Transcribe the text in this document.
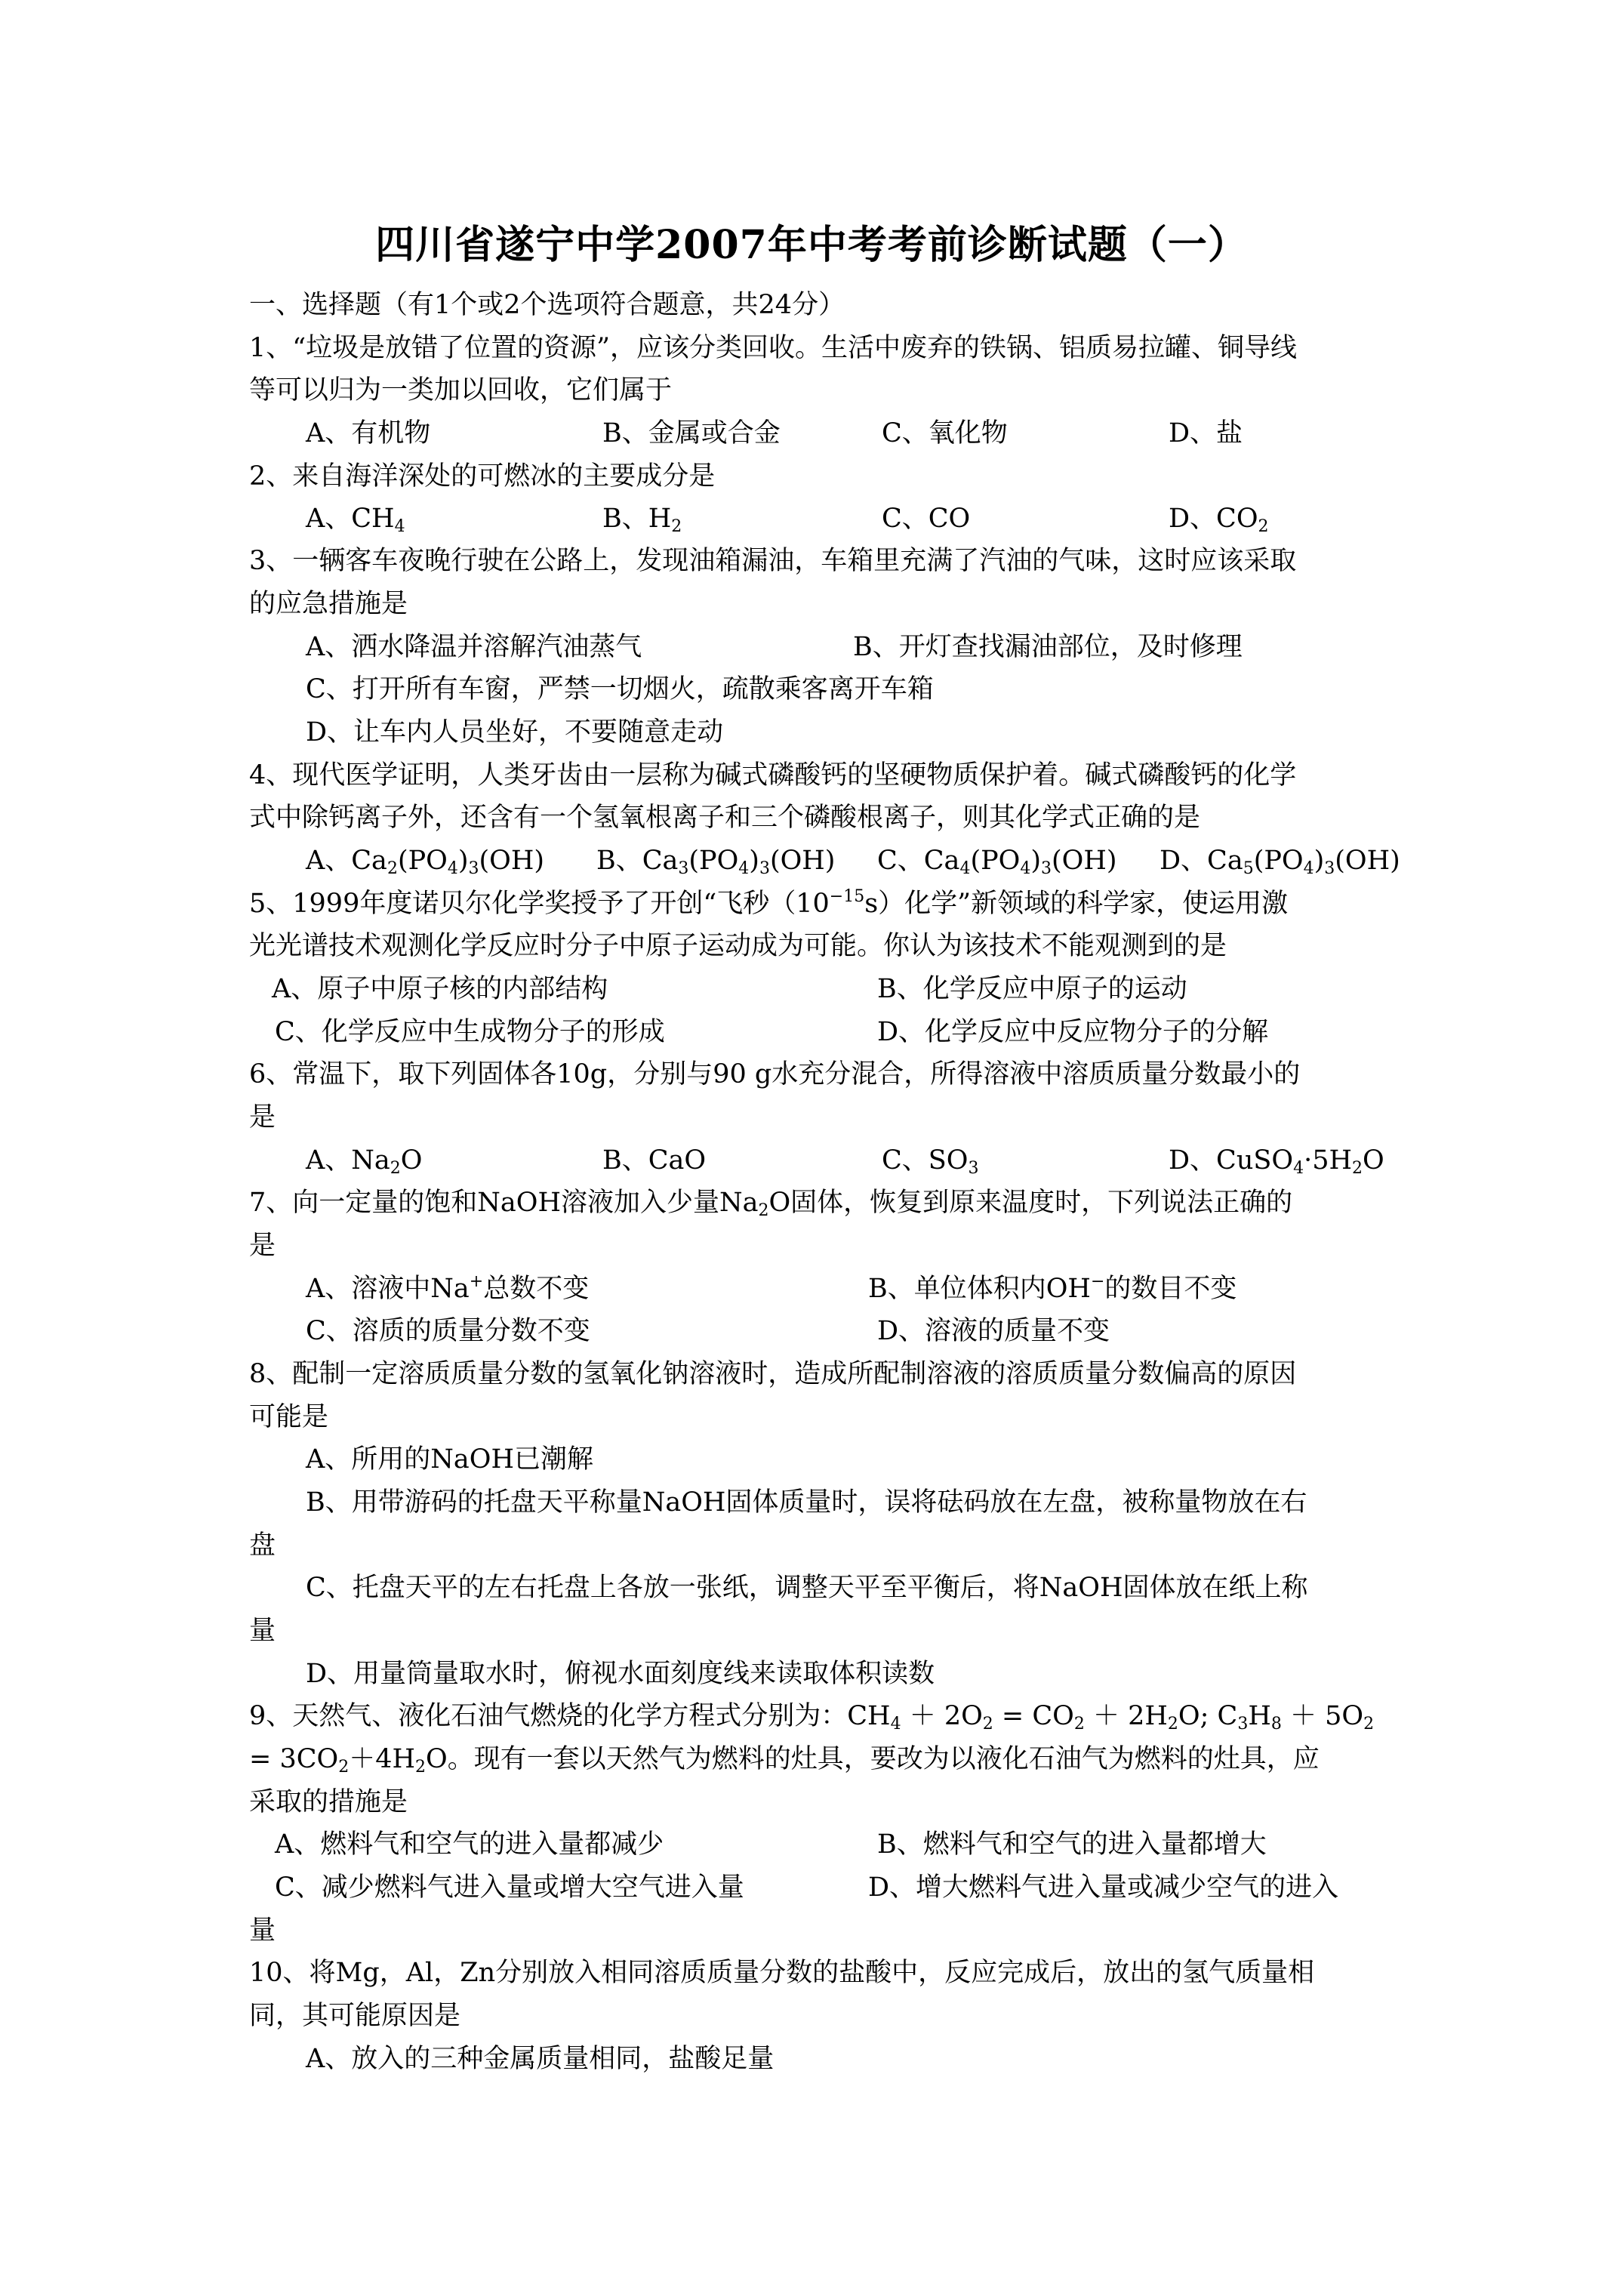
四川省遂宁中学2007年中考考前诊断试题（一）
一、选择题（有1个或2个选项符合题意，共24分）
1、“垃圾是放错了位置的资源”，应该分类回收。生活中废弃的铁锅、铝质易拉罐、铜导线
等可以归为一类加以回收，它们属于
A、有机物	B、金属或合金	C、氧化物	D、盐
2、来自海洋深处的可燃冰的主要成分是
A、$CH_4$	B、$H_2$	C、CO	D、$CO_2$
3、一辆客车夜晚行驶在公路上，发现油箱漏油，车箱里充满了汽油的气味，这时应该采取
的应急措施是
A、洒水降温并溶解汽油蒸气	B、开灯查找漏油部位，及时修理
C、打开所有车窗，严禁一切烟火，疏散乘客离开车箱
D、让车内人员坐好，不要随意走动
4、现代医学证明，人类牙齿由一层称为碱式磷酸钙的坚硬物质保护着。碱式磷酸钙的化学
式中除钙离子外，还含有一个氢氧根离子和三个磷酸根离子，则其化学式正确的是
A、$Ca_2(PO_4)_3(OH)$ B、$Ca_3(PO_4)_3(OH)$ C、$Ca_4(PO_4)_3(OH)$ D、$Ca_5(PO_4)_3(OH)$
5、1999年度诺贝尔化学奖授予了开创“飞秒$(10^{-15}s)$化学”新领域的科学家，使运用激
光光谱技术观测化学反应时分子中原子运动成为可能。你认为该技术不能观测到的是
A、原子中原子核的内部结构	B、化学反应中原子的运动
C、化学反应中生成物分子的形成	D、化学反应中反应物分子的分解
6、常温下，取下列固体各10g，分别与90 g水充分混合，所得溶液中溶质质量分数最小的
是
A、$Na_2O$	B、CaO	C、$SO_3$	D、$CuSO_4\cdot 5H_2O$
7、向一定量的饱和NaOH溶液加入少量$Na_2O$固体，恢复到原来温度时，下列说法正确的
是
A、溶液中Na+总数不变	B、单位体积内OH−的数目不变
C、溶质的质量分数不变	D、溶液的质量不变
8、配制一定溶质质量分数的氢氧化钠溶液时，造成所配制溶液的溶质质量分数偏高的原因
可能是
A、所用的NaOH已潮解
B、用带游码的托盘天平称量NaOH固体质量时，误将砝码放在左盘，被称量物放在右
盘
C、托盘天平的左右托盘上各放一张纸，调整天平至平衡后，将NaOH固体放在纸上称
量
D、用量筒量取水时，俯视水面刻度线来读取体积读数
9、天然气、液化石油气燃烧的化学方程式分别为：$CH_4 + 2O_2 = CO_2 + 2H_2O$; $C_3H_8 + 5O_2$
= $3CO_2+4H_2O$。现有一套以天然气为燃料的灶具，要改为以液化石油气为燃料的灶具，应
采取的措施是
A、燃料气和空气的进入量都减少	B、燃料气和空气的进入量都增大
C、减少燃料气进入量或增大空气进入量	D、增大燃料气进入量或减少空气的进入
量
10、将Mg，Al，Zn分别放入相同溶质质量分数的盐酸中，反应完成后，放出的氢气质量相
同，其可能原因是
A、放入的三种金属质量相同，盐酸足量
